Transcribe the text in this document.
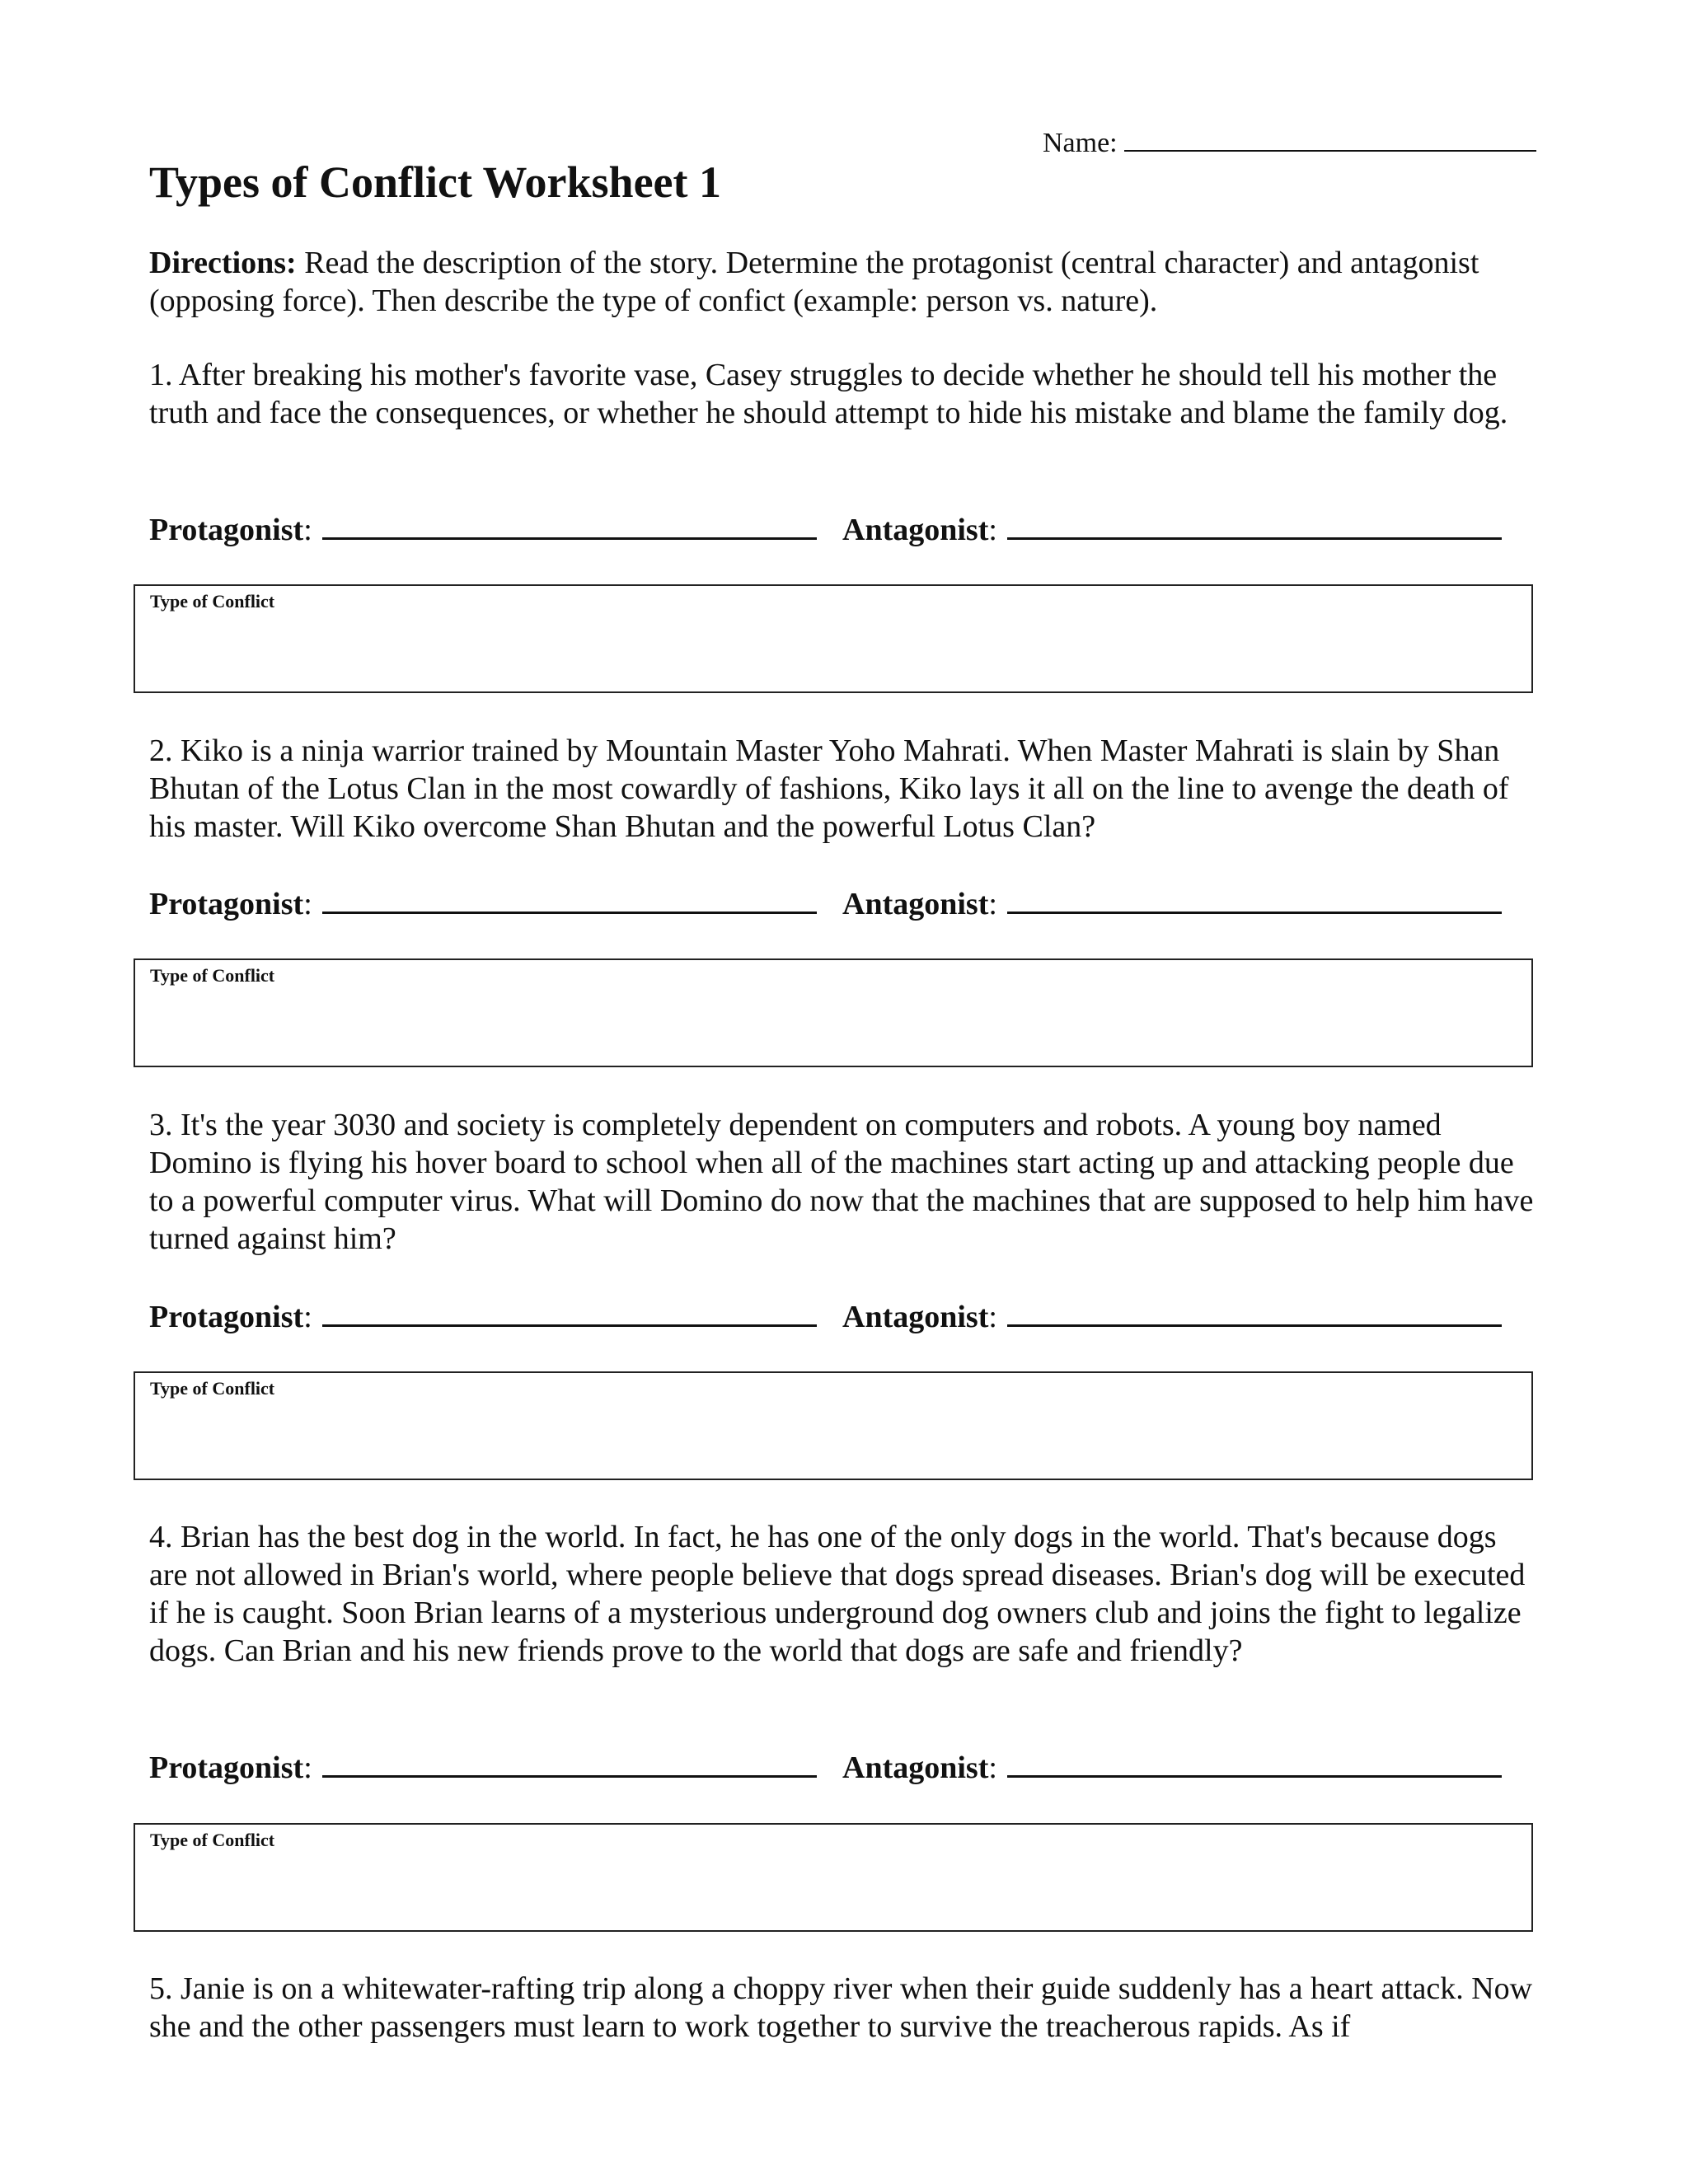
Name:
Types of Conflict Worksheet 1

Directions: Read the description of the story. Determine the protagonist (central character) and antagonist (opposing force). Then describe the type of confict (example: person vs. nature).

1. After breaking his mother's favorite vase, Casey struggles to decide whether he should tell his mother the truth and face the consequences, or whether he should attempt to hide his mistake and blame the family dog.

Protagonist:	Antagonist:
Type of Conflict

2. Kiko is a ninja warrior trained by Mountain Master Yoho Mahrati. When Master Mahrati is slain by Shan Bhutan of the Lotus Clan in the most cowardly of fashions, Kiko lays it all on the line to avenge the death of his master. Will Kiko overcome Shan Bhutan and the powerful Lotus Clan?

Protagonist:	Antagonist:
Type of Conflict

3. It's the year 3030 and society is completely dependent on computers and robots. A young boy named Domino is flying his hover board to school when all of the machines start acting up and attacking people due to a powerful computer virus. What will Domino do now that the machines that are supposed to help him have turned against him?

Protagonist:	Antagonist:
Type of Conflict

4. Brian has the best dog in the world. In fact, he has one of the only dogs in the world. That's because dogs are not allowed in Brian's world, where people believe that dogs spread diseases. Brian's dog will be executed if he is caught. Soon Brian learns of a mysterious underground dog owners club and joins the fight to legalize dogs. Can Brian and his new friends prove to the world that dogs are safe and friendly?

Protagonist:	Antagonist:
Type of Conflict

5. Janie is on a whitewater-rafting trip along a choppy river when their guide suddenly has a heart attack. Now she and the other passengers must learn to work together to survive the treacherous rapids. As if
